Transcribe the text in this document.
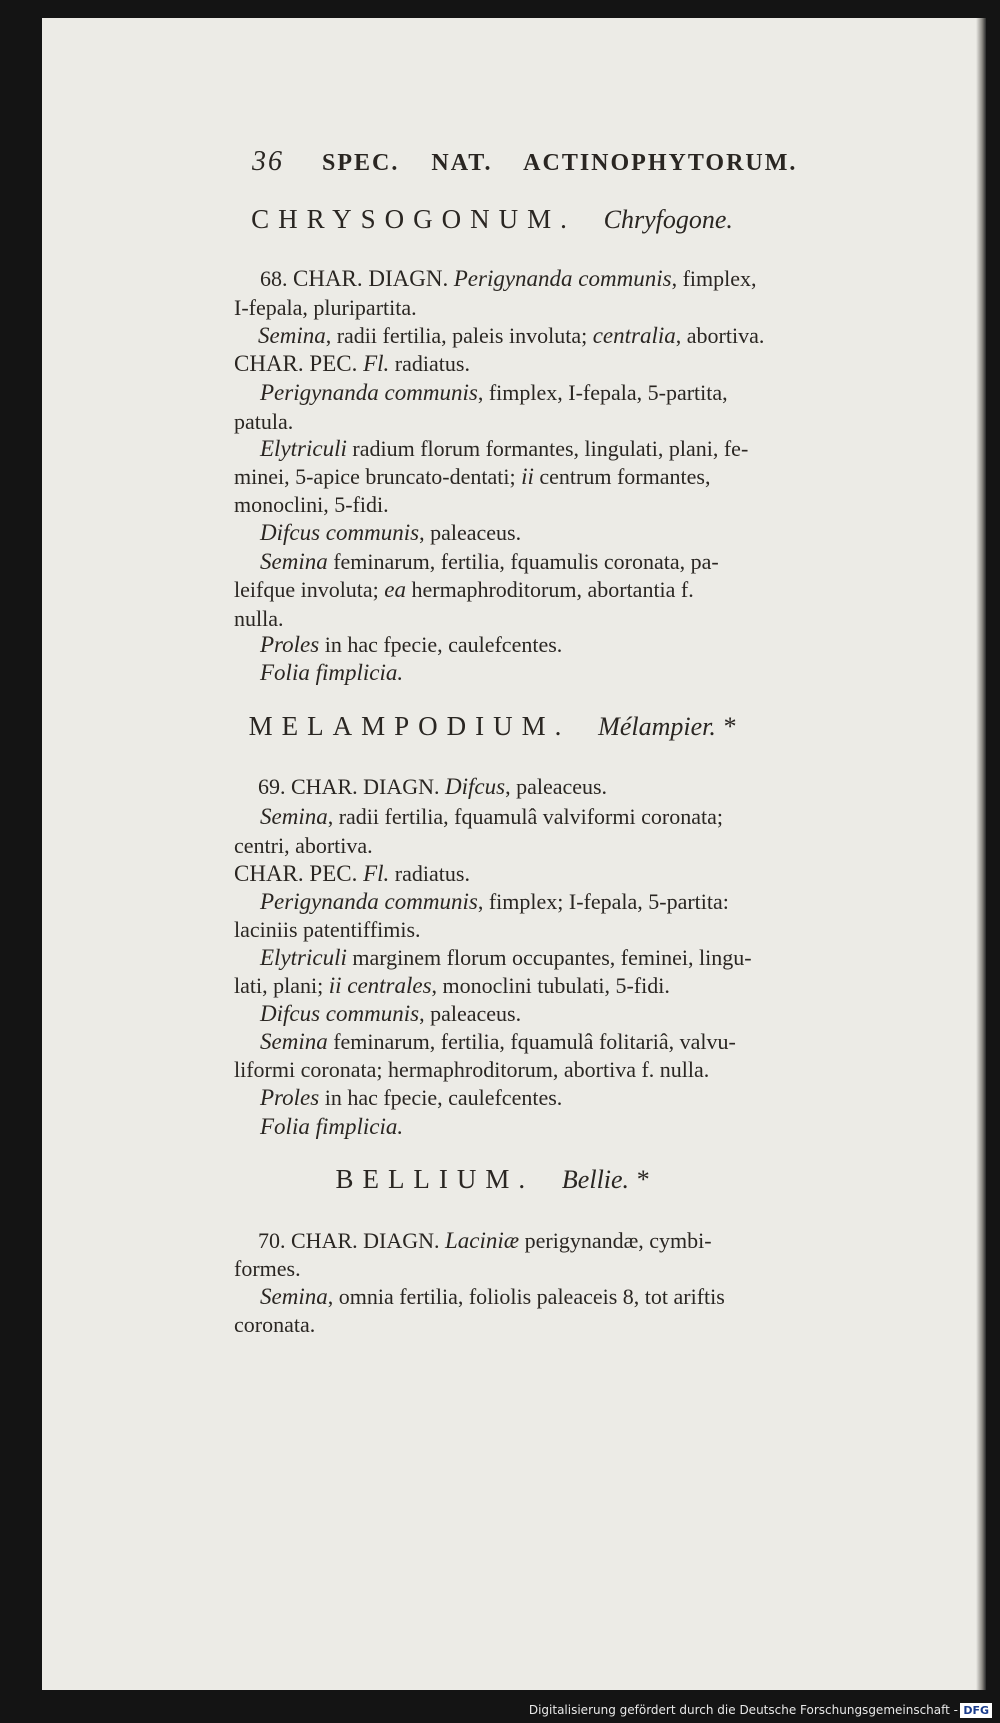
36 SPEC. NAT. ACTINOPHYTORUM.
CHRYSOGONUM. Chryfogone.
68. CHAR. DIAGN. Perigynanda communis, fimplex,
I-fepala, pluripartita.
Semina, radii fertilia, paleis involuta; centralia, abortiva.
CHAR. PEC. Fl. radiatus.
Perigynanda communis, fimplex, I-fepala, 5-partita,
patula.
Elytriculi radium florum formantes, lingulati, plani, fe-
minei, 5-apice bruncato-dentati; ii centrum formantes,
monoclini, 5-fidi.
Difcus communis, paleaceus.
Semina feminarum, fertilia, fquamulis coronata, pa-
leifque involuta; ea hermaphroditorum, abortantia f.
nulla.
Proles in hac fpecie, caulefcentes.
Folia fimplicia.
MELAMPODIUM. Mélampier. *
69. CHAR. DIAGN. Difcus, paleaceus.
Semina, radii fertilia, fquamulâ valviformi coronata;
centri, abortiva.
CHAR. PEC. Fl. radiatus.
Perigynanda communis, fimplex; I-fepala, 5-partita:
laciniis patentiffimis.
Elytriculi marginem florum occupantes, feminei, lingu-
lati, plani; ii centrales, monoclini tubulati, 5-fidi.
Difcus communis, paleaceus.
Semina feminarum, fertilia, fquamulâ folitariâ, valvu-
liformi coronata; hermaphroditorum, abortiva f. nulla.
Proles in hac fpecie, caulefcentes.
Folia fimplicia.
BELLIUM. Bellie. *
70. CHAR. DIAGN. Laciniæ perigynandæ, cymbi-
formes.
Semina, omnia fertilia, foliolis paleaceis 8, tot ariftis
coronata.
Digitalisierung gefördert durch die Deutsche Forschungsgemeinschaft - DFG
